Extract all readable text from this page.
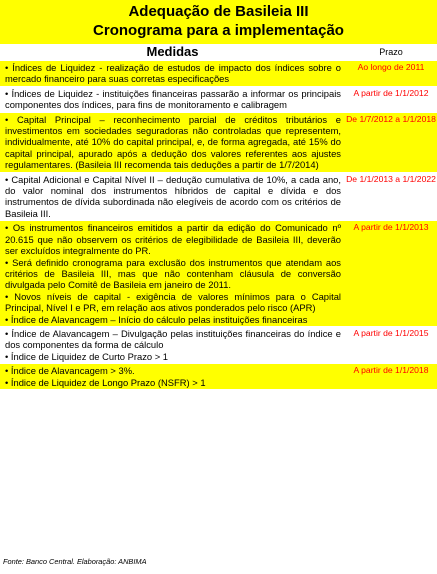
Adequação de Basileia III
Cronograma para a implementação
Medidas	Prazo
• Índices de Liquidez - realização de estudos de impacto dos índices sobre o mercado financeiro para suas corretas especificações	Ao longo de 2011

• Índices de Liquidez - instituições financeiras passarão a informar os principais componentes dos índices, para fins de monitoramento e calibragem	A partir de 1/1/2012

• Capital Principal – reconhecimento parcial de créditos tributários e investimentos em sociedades seguradoras não controladas que representem, individualmente, até 10% do capital principal, e, de forma agregada, até 15% do capital principal, apurado após a dedução dos valores referentes aos ajustes regulamentares. (Basileia III recomenda tais deduções a partir de 1/7/2014)	De 1/7/2012 a 1/1/2018

• Capital Adicional e Capital Nível II – dedução cumulativa de 10%, a cada ano, do valor nominal dos instrumentos híbridos de capital e dívida e dos instrumentos de dívida subordinada não elegíveis de acordo com os critérios de Basileia III.	De 1/1/2013 a 1/1/2022

• Os instrumentos financeiros emitidos a partir da edição do Comunicado nº 20.615 que não observem os critérios de elegibilidade de Basileia III, deverão ser excluídos integralmente do PR.
• Será definido cronograma para exclusão dos instrumentos que atendam aos critérios de Basileia III, mas que não contenham cláusula de conversão divulgada pelo Comitê de Basileia em janeiro de 2011.
• Novos níveis de capital - exigência de valores mínimos para o Capital Principal, Nível I e PR, em relação aos ativos ponderados pelo risco (APR)
• Índice de Alavancagem – Início do cálculo pelas instituições financeiras	A partir de 1/1/2013

• Índice de Alavancagem – Divulgação pelas instituições financeiras do índice e dos componentes da forma de cálculo
• Índice de Liquidez de Curto Prazo > 1	A partir de 1/1/2015

• Índice de Alavancagem > 3%.
• Índice de Liquidez de Longo Prazo (NSFR) > 1	A partir de 1/1/2018
Fonte: Banco Central. Elaboração: ANBIMA
